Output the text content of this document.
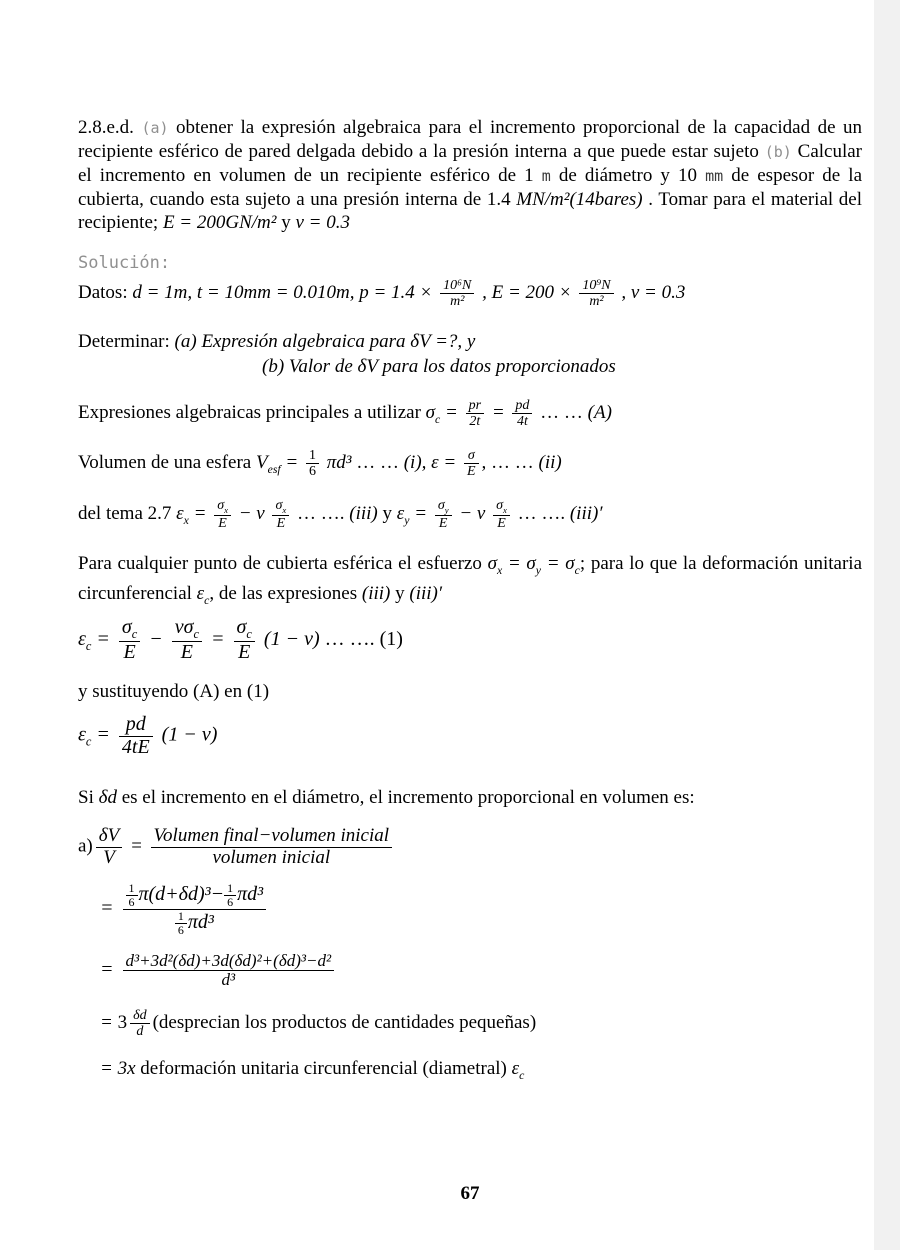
2.8.e.d. (a) obtener la expresión algebraica para el incremento proporcional de la capacidad de un recipiente esférico de pared delgada debido a la presión interna a que puede estar sujeto (b) Calcular el incremento en volumen de un recipiente esférico de 1 m de diámetro y 10 mm de espesor de la cubierta, cuando esta sujeto a una presión interna de 1.4 MN/m²(14bares) . Tomar para el material del recipiente; E = 200GN/m² y v = 0.3
Solución:
Datos: d = 1m, t = 10mm = 0.010m, $p = 1.4 \times \frac{\text{10⁶N}}{\text{m²}}$ , $E = 200 \times \frac{\text{10⁹N}}{\text{m²}}$ , v = 0.3
Determinar: (a) Expresión algebraica para δV =?, y
(b) Valor de δV para los datos proporcionados
Expresiones algebraicas principales a utilizar $\sigma_c = \frac{pr}{2t} = \frac{pd}{4t}$ … … (A)
Volumen de una esfera $V_{esf} = \frac{1}{6} \pi d^3$ … … (i), $\varepsilon = \frac{\sigma}{E}$ , … … (ii)
del tema 2.7 $\varepsilon_x = \frac{\sigma_x}{E} - v \frac{\sigma_x}{E}$ … …. (iii) y $\varepsilon_y = \frac{\sigma_y}{E} - v \frac{\sigma_x}{E}$ … …. (iii)′
Para cualquier punto de cubierta esférica el esfuerzo $\sigma_x = \sigma_y = \sigma_c$; para lo que la deformación unitaria circunferencial $\varepsilon_c$, de las expresiones (iii) y (iii)′
$\varepsilon_c = \frac{\sigma_c}{E}$ −
$v\sigma_c$
E
= $\frac{\sigma_c}{E} (1 - v)$ … …. (1)
y sustituyendo (A) en (1)
$\varepsilon_c = \frac{pd}{4tE} (1 - v)$
Si δd es el incremento en el diámetro, el incremento proporcional en volumen es:
$a) \frac{\delta V}{V}$ = Volumen final−volumen inicial
volumen inicial
= $\frac{\frac{1}{6} \pi(d+\delta d)^3- \frac{1}{6} \pi d^3}{\frac{1}{6} \pi d^3}$
= $\frac{\text{d³+3d²(δd)+3d(δd)²+(δd)³−d²}}{\text{d³}}$
= $3 \frac{\delta d}{d}$ (desprecian los productos de cantidades pequeñas)
= 3x deformación unitaria circunferencial (diametral) $\varepsilon_c$
67
